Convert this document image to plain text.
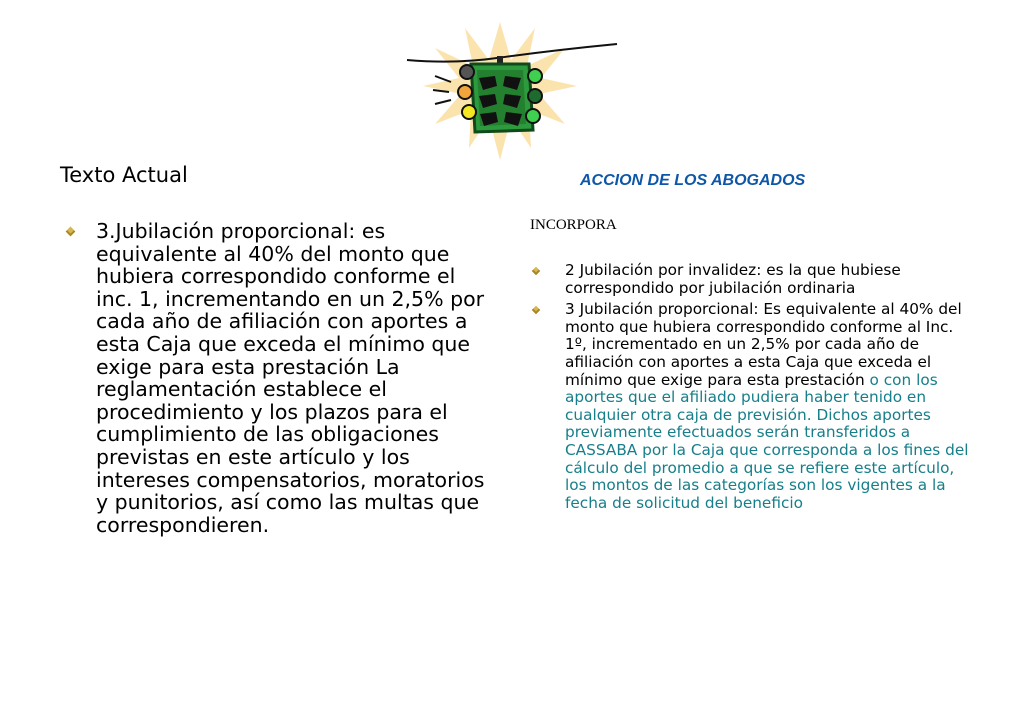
Texto Actual
3.Jubilación proporcional: es equivalente al 40% del monto que hubiera correspondido conforme el inc. 1, incrementando en un 2,5% por cada año de afiliación con aportes a esta Caja que exceda el mínimo que exige para esta prestación La reglamentación establece el procedimiento y los plazos para el cumplimiento de las obligaciones previstas en este artículo y los intereses compensatorios, moratorios y punitorios, así como las multas que correspondieren.
ACCION DE LOS ABOGADOS
INCORPORA
2 Jubilación por invalidez: es la que hubiese correspondido por jubilación ordinaria
3 Jubilación proporcional: Es equivalente al 40% del monto que hubiera correspondido conforme al Inc. 1º, incrementado en un 2,5% por cada año de afiliación con aportes a esta Caja que exceda el mínimo que exige para esta prestación o con los aportes que el afiliado pudiera haber tenido en cualquier otra caja de previsión. Dichos aportes previamente efectuados serán transferidos a CASSABA por la Caja que corresponda a los fines del cálculo del promedio a que se refiere este artículo, los montos de las categorías son los vigentes a la fecha de solicitud del beneficio
